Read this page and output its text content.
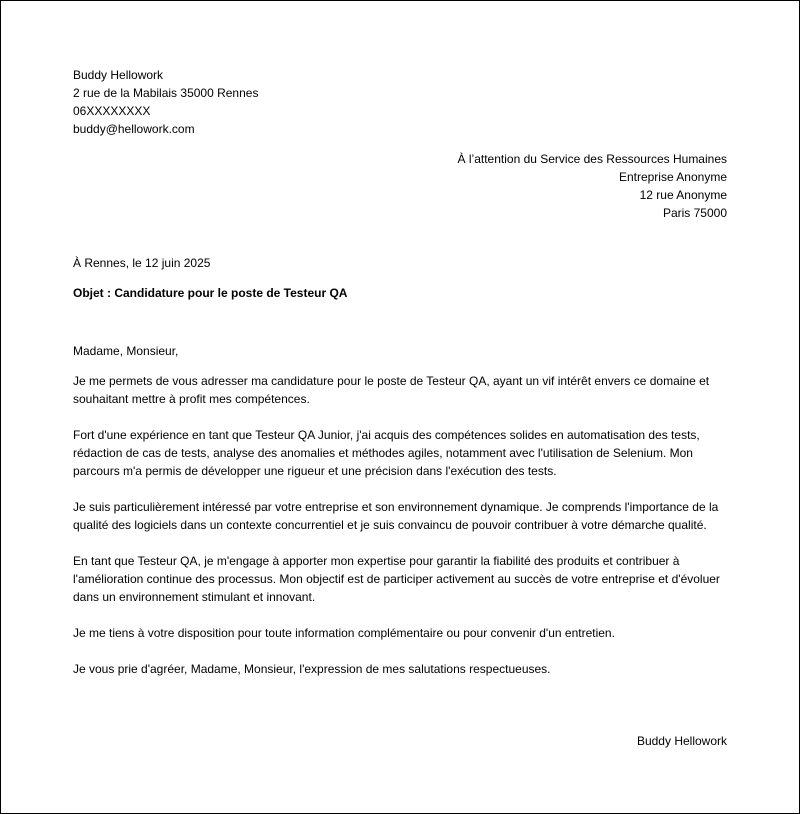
Buddy Hellowork
2 rue de la Mabilais 35000 Rennes
06XXXXXXXX
buddy@hellowork.com
À l’attention du Service des Ressources Humaines
Entreprise Anonyme
12 rue Anonyme
Paris 75000
À Rennes, le 12 juin 2025
Objet : Candidature pour le poste de Testeur QA

Madame, Monsieur,

Je me permets de vous adresser ma candidature pour le poste de Testeur QA, ayant un vif intérêt envers ce domaine et souhaitant mettre à profit mes compétences.

Fort d'une expérience en tant que Testeur QA Junior, j'ai acquis des compétences solides en automatisation des tests, rédaction de cas de tests, analyse des anomalies et méthodes agiles, notamment avec l'utilisation de Selenium. Mon parcours m'a permis de développer une rigueur et une précision dans l'exécution des tests.

Je suis particulièrement intéressé par votre entreprise et son environnement dynamique. Je comprends l'importance de la qualité des logiciels dans un contexte concurrentiel et je suis convaincu de pouvoir contribuer à votre démarche qualité.

En tant que Testeur QA, je m'engage à apporter mon expertise pour garantir la fiabilité des produits et contribuer à l'amélioration continue des processus. Mon objectif est de participer activement au succès de votre entreprise et d'évoluer dans un environnement stimulant et innovant.

Je me tiens à votre disposition pour toute information complémentaire ou pour convenir d'un entretien.

Je vous prie d'agréer, Madame, Monsieur, l'expression de mes salutations respectueuses.

Buddy Hellowork
